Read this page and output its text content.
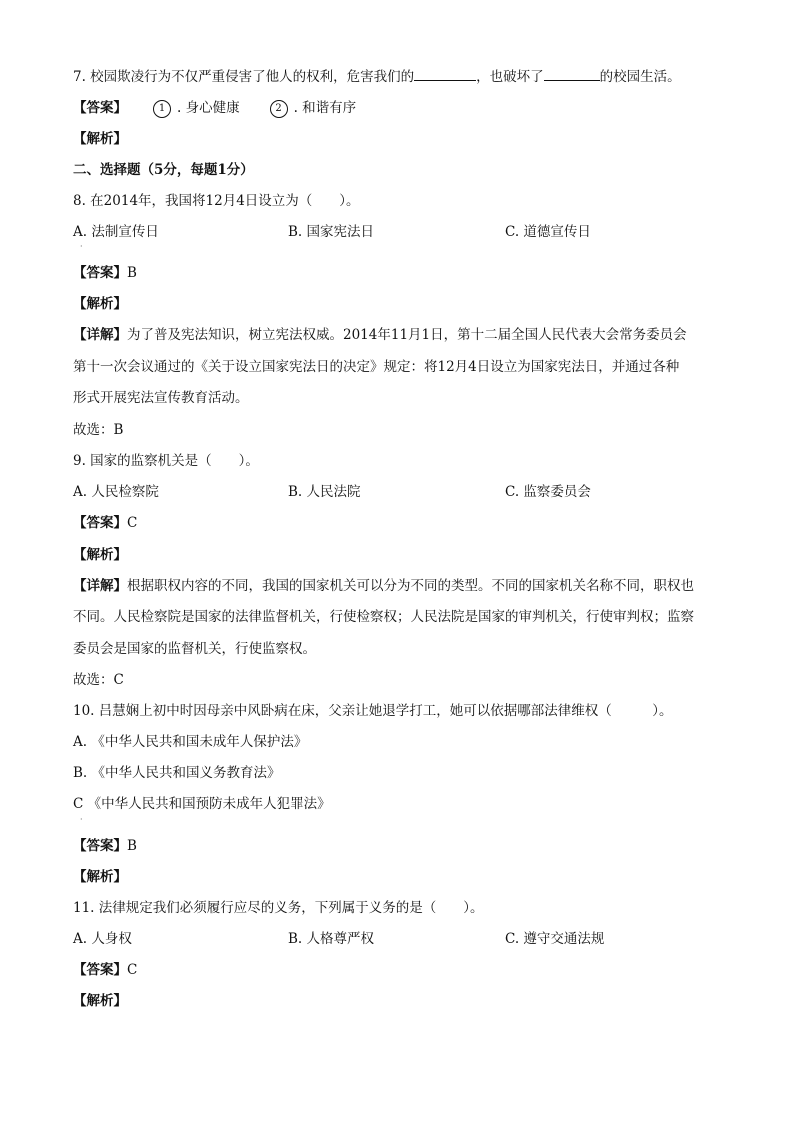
7. 校园欺凌行为不仅严重侵害了他人的权利，危害我们的	，也破坏了	的校园生活。
【答案】	1 . 身心健康	2 . 和谐有序
【解析】
二、选择题（5分，每题1分）
8. 在2014年，我国将12月4日设立为（　　）。
A. 法制宣传日	B. 国家宪法日	C. 道德宣传日
·
【答案】B
【解析】
【详解】为了普及宪法知识，树立宪法权威。2014年11月1日，第十二届全国人民代表大会常务委员会
第十一次会议通过的《关于设立国家宪法日的决定》规定：将12月4日设立为国家宪法日，并通过各种
形式开展宪法宣传教育活动。
故选：B
9. 国家的监察机关是（　　）。
A. 人民检察院	B. 人民法院	C. 监察委员会
【答案】C
【解析】
【详解】根据职权内容的不同，我国的国家机关可以分为不同的类型。不同的国家机关名称不同，职权也
不同。人民检察院是国家的法律监督机关，行使检察权；人民法院是国家的审判机关，行使审判权；监察
委员会是国家的监督机关，行使监察权。
故选：C
10. 吕慧娴上初中时因母亲中风卧病在床，父亲让她退学打工，她可以依据哪部法律维权（　　　）。
A. 《中华人民共和国未成年人保护法》
B. 《中华人民共和国义务教育法》
C 《中华人民共和国预防未成年人犯罪法》
·
【答案】B
【解析】
11. 法律规定我们必须履行应尽的义务，下列属于义务的是（　　）。
A. 人身权	B. 人格尊严权	C. 遵守交通法规
【答案】C
【解析】
